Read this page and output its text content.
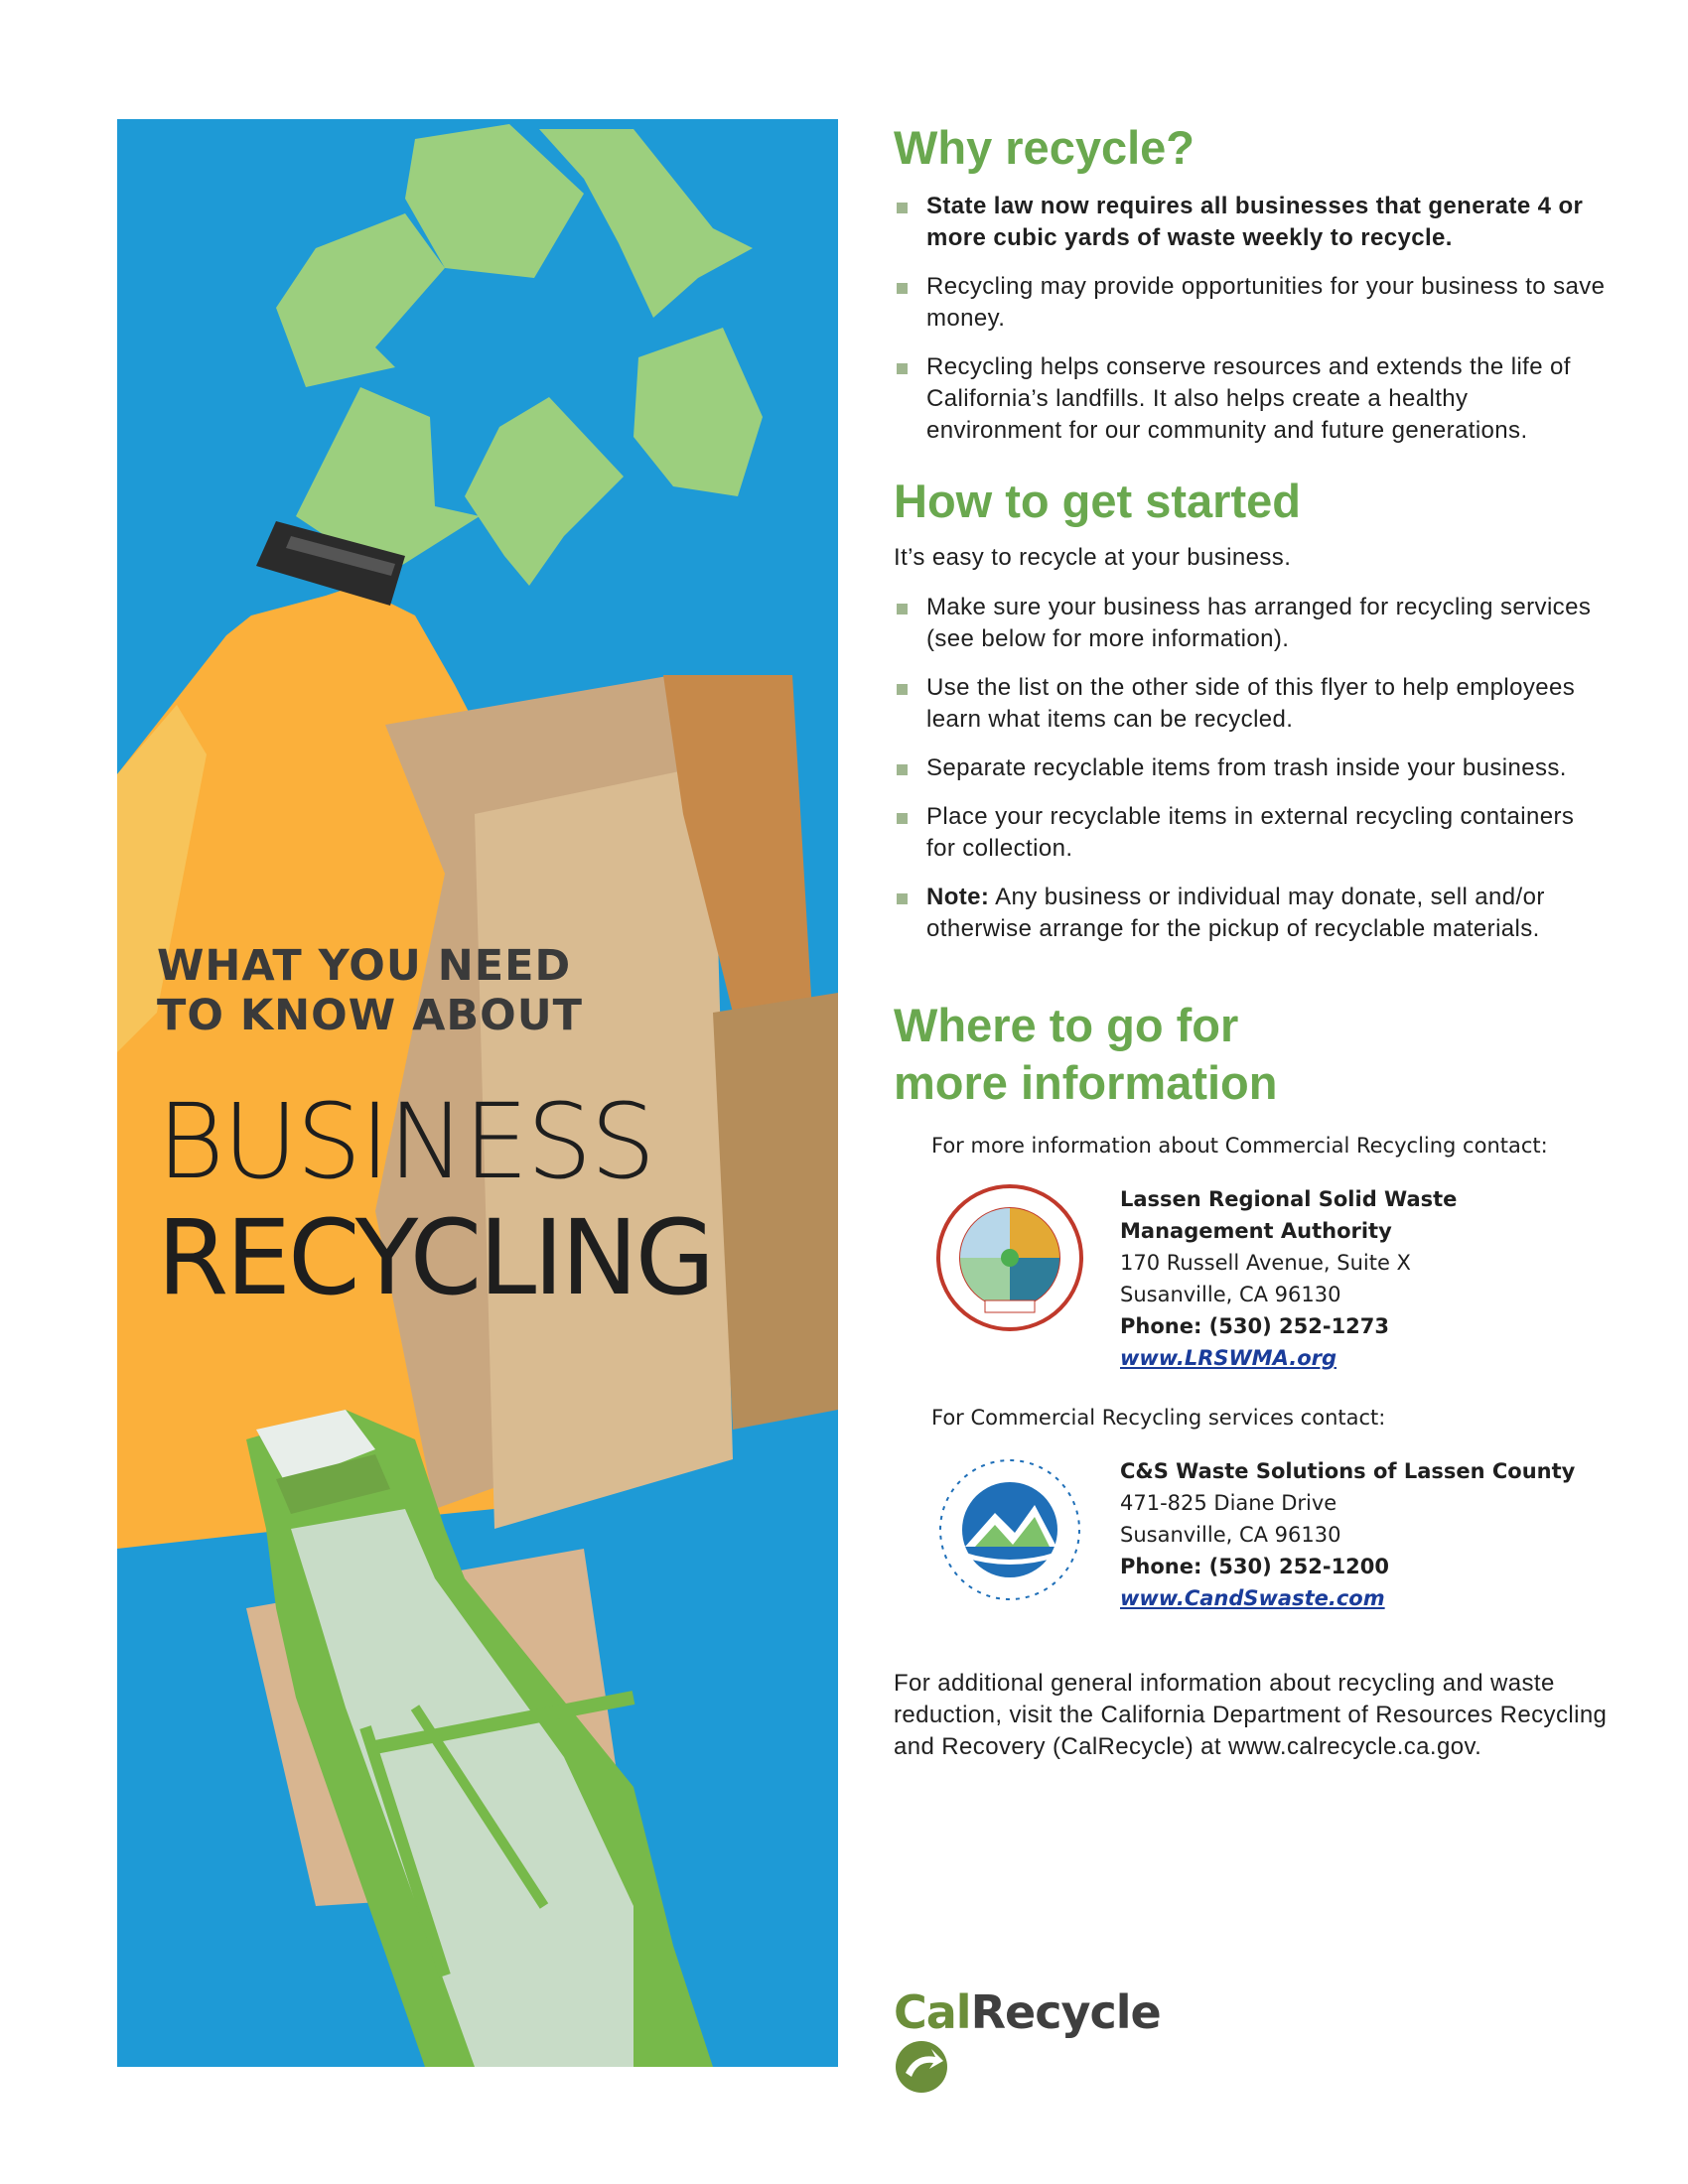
WHAT YOU NEED
TO KNOW ABOUT
BUSINESS
RECYCLING
Why recycle?
State law now requires all businesses that generate 4 or more cubic yards of waste weekly to recycle.
Recycling may provide opportunities for your business to save money.
Recycling helps conserve resources and extends the life of California’s landfills. It also helps create a healthy environment for our community and future generations.
How to get started
It’s easy to recycle at your business.
Make sure your business has arranged for recycling services (see below for more information).
Use the list on the other side of this flyer to help employees learn what items can be recycled.
Separate recyclable items from trash inside your business.
Place your recyclable items in external recycling containers for collection.
Note: Any business or individual may donate, sell and/or otherwise arrange for the pickup of recyclable materials.
Where to go for
more information
For more information about Commercial Recycling contact:
Lassen Regional Solid Waste
Management Authority
170 Russell Avenue, Suite X
Susanville, CA 96130
Phone: (530) 252-1273
www.LRSWMA.org
For Commercial Recycling services contact:
C&S Waste Solutions of Lassen County
471-825 Diane Drive
Susanville, CA 96130
Phone: (530) 252-1200
www.CandSwaste.com
For additional general information about recycling and waste reduction, visit the California Department of Resources Recycling and Recovery (CalRecycle) at www.calrecycle.ca.gov.
CalRecycle
